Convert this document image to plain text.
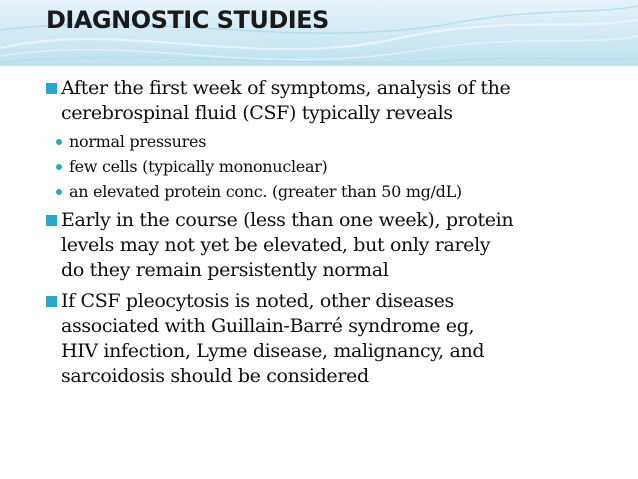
DIAGNOSTIC STUDIES
After the first week of symptoms, analysis of the
cerebrospinal fluid (CSF) typically reveals
normal pressures
few cells (typically mononuclear)
an elevated protein conc. (greater than 50 mg/dL)
Early in the course (less than one week), protein
levels may not yet be elevated, but only rarely
do they remain persistently normal
If CSF pleocytosis is noted, other diseases
associated with Guillain-Barré syndrome eg,
HIV infection, Lyme disease, malignancy, and
sarcoidosis should be considered
